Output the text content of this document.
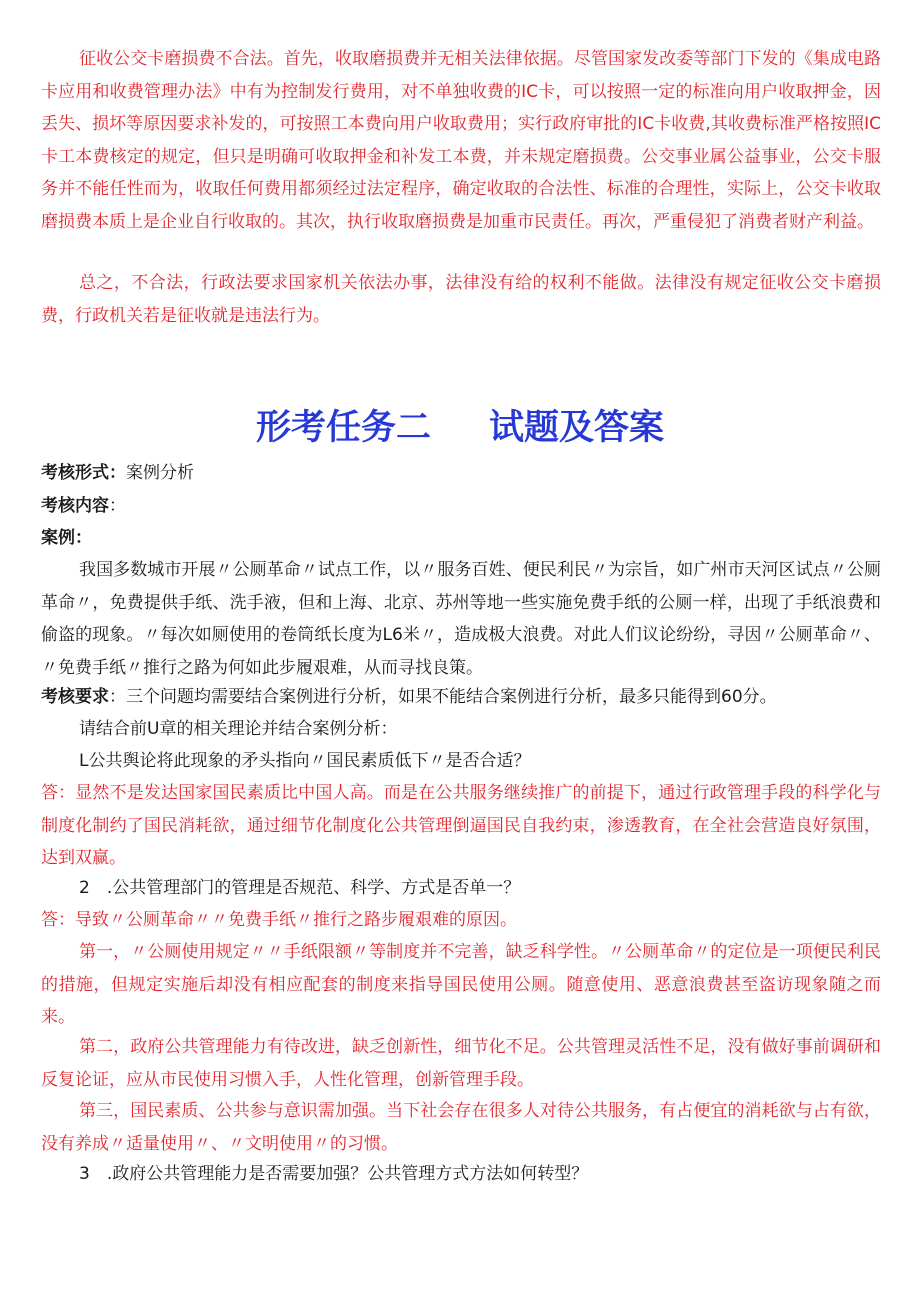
征收公交卡磨损费不合法。首先，收取磨损费并无相关法律依据。尽管国家发改委等部门下发的《集成电路卡应用和收费管理办法》中有为控制发行费用，对不单独收费的IC卡，可以按照一定的标准向用户收取押金，因丢失、损坏等原因要求补发的，可按照工本费向用户收取费用；实行政府审批的IC卡收费,其收费标准严格按照IC卡工本费核定的规定，但只是明确可收取押金和补发工本费，并未规定磨损费。公交事业属公益事业，公交卡服务并不能任性而为，收取任何费用都须经过法定程序，确定收取的合法性、标准的合理性，实际上，公交卡收取磨损费本质上是企业自行收取的。其次，执行收取磨损费是加重市民责任。再次，严重侵犯了消费者财产利益。

总之，不合法，行政法要求国家机关依法办事，法律没有给的权利不能做。法律没有规定征收公交卡磨损费，行政机关若是征收就是违法行为。

形考任务二 试题及答案

考核形式：案例分析

考核内容：

案例：

我国多数城市开展〃公厕革命〃试点工作，以〃服务百姓、便民利民〃为宗旨，如广州市天河区试点〃公厕革命〃，免费提供手纸、洗手液，但和上海、北京、苏州等地一些实施免费手纸的公厕一样，出现了手纸浪费和偷盗的现象。〃每次如厕使用的卷筒纸长度为L6米〃，造成极大浪费。对此人们议论纷纷，寻因〃公厕革命〃、〃免费手纸〃推行之路为何如此步履艰难，从而寻找良策。

考核要求：三个问题均需要结合案例进行分析，如果不能结合案例进行分析，最多只能得到60分。

请结合前U章的相关理论并结合案例分析：

L公共舆论将此现象的矛头指向〃国民素质低下〃是否合适？

答：显然不是发达国家国民素质比中国人高。而是在公共服务继续推广的前提下，通过行政管理手段的科学化与制度化制约了国民消耗欲，通过细节化制度化公共管理倒逼国民自我约束，渗透教育，在全社会营造良好氛围，达到双赢。

2　.公共管理部门的管理是否规范、科学、方式是否单一？

答：导致〃公厕革命〃〃免费手纸〃推行之路步履艰难的原因。

第一，〃公厕使用规定〃〃手纸限额〃等制度并不完善，缺乏科学性。〃公厕革命〃的定位是一项便民利民的措施，但规定实施后却没有相应配套的制度来指导国民使用公厕。随意使用、恶意浪费甚至盗访现象随之而来。

第二，政府公共管理能力有待改进，缺乏创新性，细节化不足。公共管理灵活性不足，没有做好事前调研和反复论证，应从市民使用习惯入手，人性化管理，创新管理手段。

第三，国民素质、公共参与意识需加强。当下社会存在很多人对待公共服务，有占便宜的消耗欲与占有欲，没有养成〃适量使用〃、〃文明使用〃的习惯。

3　.政府公共管理能力是否需要加强？公共管理方式方法如何转型？
